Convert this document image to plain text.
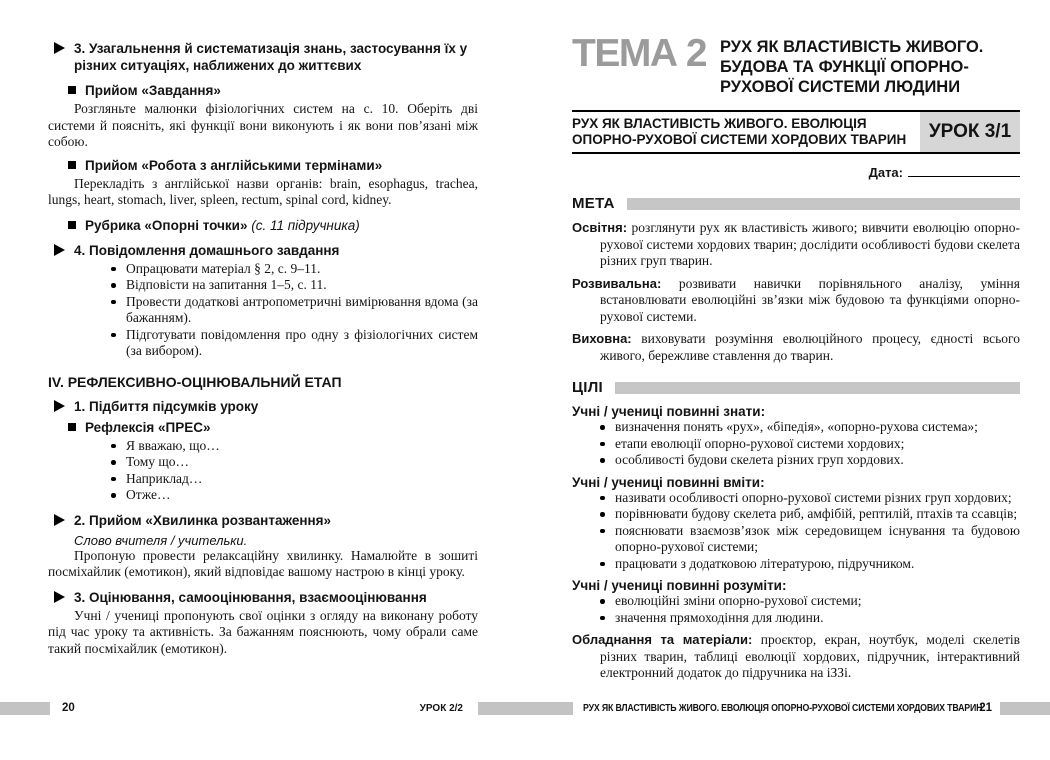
3. Узагальнення й систематизація знань, застосування їх у різних ситуаціях, наближених до життєвих
Прийом «Завдання»
Розгляньте малюнки фізіологічних систем на с. 10. Оберіть дві системи й поясніть, які функції вони виконують і як вони пов’язані між собою.
Прийом «Робота з англійськими термінами»
Перекладіть з англійської назви органів: brain, esophagus, trachea, lungs, heart, stomach, liver, spleen, rectum, spinal cord, kidney.
Рубрика «Опорні точки» (с. 11 підручника)
4. Повідомлення домашнього завдання
Опрацювати матеріал § 2, с. 9–11.
Відповісти на запитання 1–5, с. 11.
Провести додаткові антропометричні вимірювання вдома (за бажанням).
Підготувати повідомлення про одну з фізіологічних систем (за вибором).
IV. РЕФЛЕКСИВНО-ОЦІНЮВАЛЬНИЙ ЕТАП
1. Підбиття підсумків уроку
Рефлексія «ПРЕС»
Я вважаю, що…
Тому що…
Наприклад…
Отже…
2. Прийом «Хвилинка розвантаження»
Слово вчителя / учительки.
Пропоную провести релаксаційну хвилинку. Намалюйте в зошиті посміхайлик (емотикон), який відповідає вашому настрою в кінці уроку.
3. Оцінювання, самооцінювання, взаємооцінювання
Учні / учениці пропонують свої оцінки з огляду на виконану роботу під час уроку та активність. За бажанням пояснюють, чому обрали саме такий посміхайлик (емотикон).
20	УРОК 2/2
ТЕМА 2 РУХ ЯК ВЛАСТИВІСТЬ ЖИВОГО. БУДОВА ТА ФУНКЦІЇ ОПОРНО-РУХОВОЇ СИСТЕМИ ЛЮДИНИ
РУХ ЯК ВЛАСТИВІСТЬ ЖИВОГО. ЕВОЛЮЦІЯ ОПОРНО-РУХОВОЇ СИСТЕМИ ХОРДОВИХ ТВАРИН	УРОК 3/1
Дата:
МЕТА
Освітня: розглянути рух як властивість живого; вивчити еволюцію опорно-рухової системи хордових тварин; дослідити особливості будови скелета різних груп тварин.
Розвивальна: розвивати навички порівняльного аналізу, уміння встановлювати еволюційні зв’язки між будовою та функціями опорно-рухової системи.
Виховна: виховувати розуміння еволюційного процесу, єдності всього живого, бережливе ставлення до тварин.
ЦІЛІ
Учні / учениці повинні знати:
визначення понять «рух», «біпедія», «опорно-рухова система»;
етапи еволюції опорно-рухової системи хордових;
особливості будови скелета різних груп хордових.
Учні / учениці повинні вміти:
називати особливості опорно-рухової системи різних груп хордових;
порівнювати будову скелета риб, амфібій, рептилій, птахів та ссавців;
пояснювати взаємозв’язок між середовищем існування та будовою опорно-рухової системи;
працювати з додатковою літературою, підручником.
Учні / учениці повинні розуміти:
еволюційні зміни опорно-рухової системи;
значення прямоходіння для людини.
Обладнання та матеріали: проєктор, екран, ноутбук, моделі скелетів різних тварин, таблиці еволюції хордових, підручник, інтерактивний електронний додаток до підручника на іЗЗі.
РУХ ЯК ВЛАСТИВІСТЬ ЖИВОГО. ЕВОЛЮЦІЯ ОПОРНО-РУХОВОЇ СИСТЕМИ ХОРДОВИХ ТВАРИН
21
